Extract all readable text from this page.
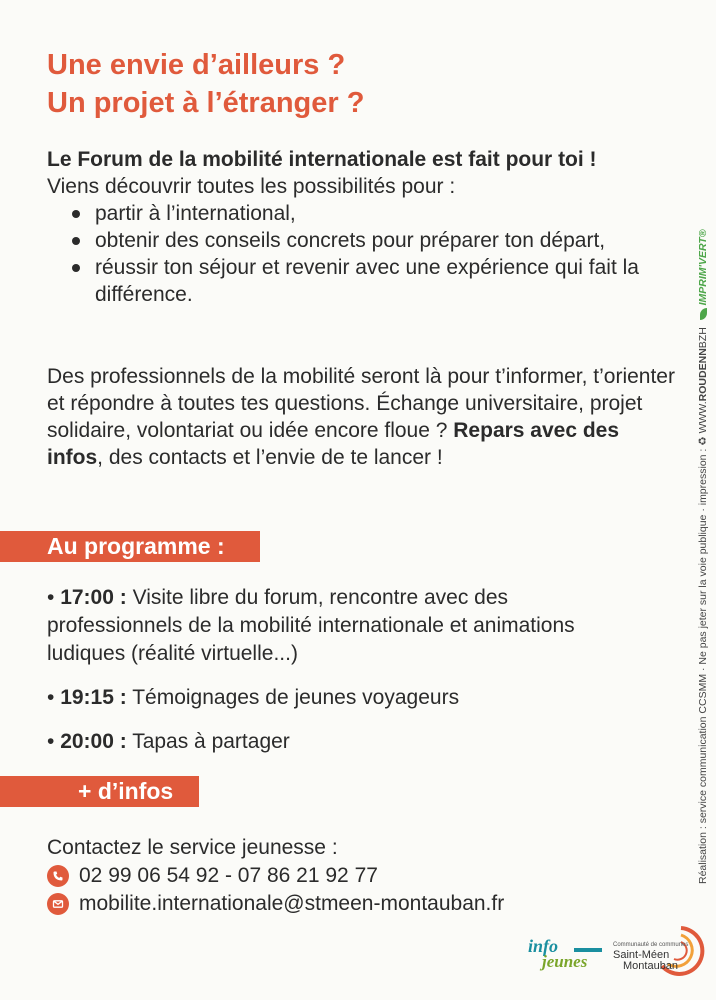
Une envie d’ailleurs ?
Un projet à l’étranger ?
Le Forum de la mobilité internationale est fait pour toi !
Viens découvrir toutes les possibilités pour :
partir à l’international,
obtenir des conseils concrets pour préparer ton départ,
réussir ton séjour et revenir avec une expérience qui fait la différence.
Des professionnels de la mobilité seront là pour t’informer, t’orienter et répondre à toutes tes questions. Échange universitaire, projet solidaire, volontariat ou idée encore floue ? Repars avec des infos, des contacts et l’envie de te lancer !
Au programme :
• 17:00 : Visite libre du forum, rencontre avec des professionnels de la mobilité internationale et animations ludiques (réalité virtuelle...)
• 19:15 : Témoignages de jeunes voyageurs
• 20:00 : Tapas à partager
+ d’infos
Contactez le service jeunesse :
02 99 06 54 92 - 07 86 21 92 77
mobilite.internationale@stmeen-montauban.fr
Réalisation : service communication CCSMM · Ne pas jeter sur la voie publique · impression : ♻ WWW.ROUDENNBZH  IMPRIM'VERT®
info
jeunes
Communauté de communes
Saint-Méen
Montauban
